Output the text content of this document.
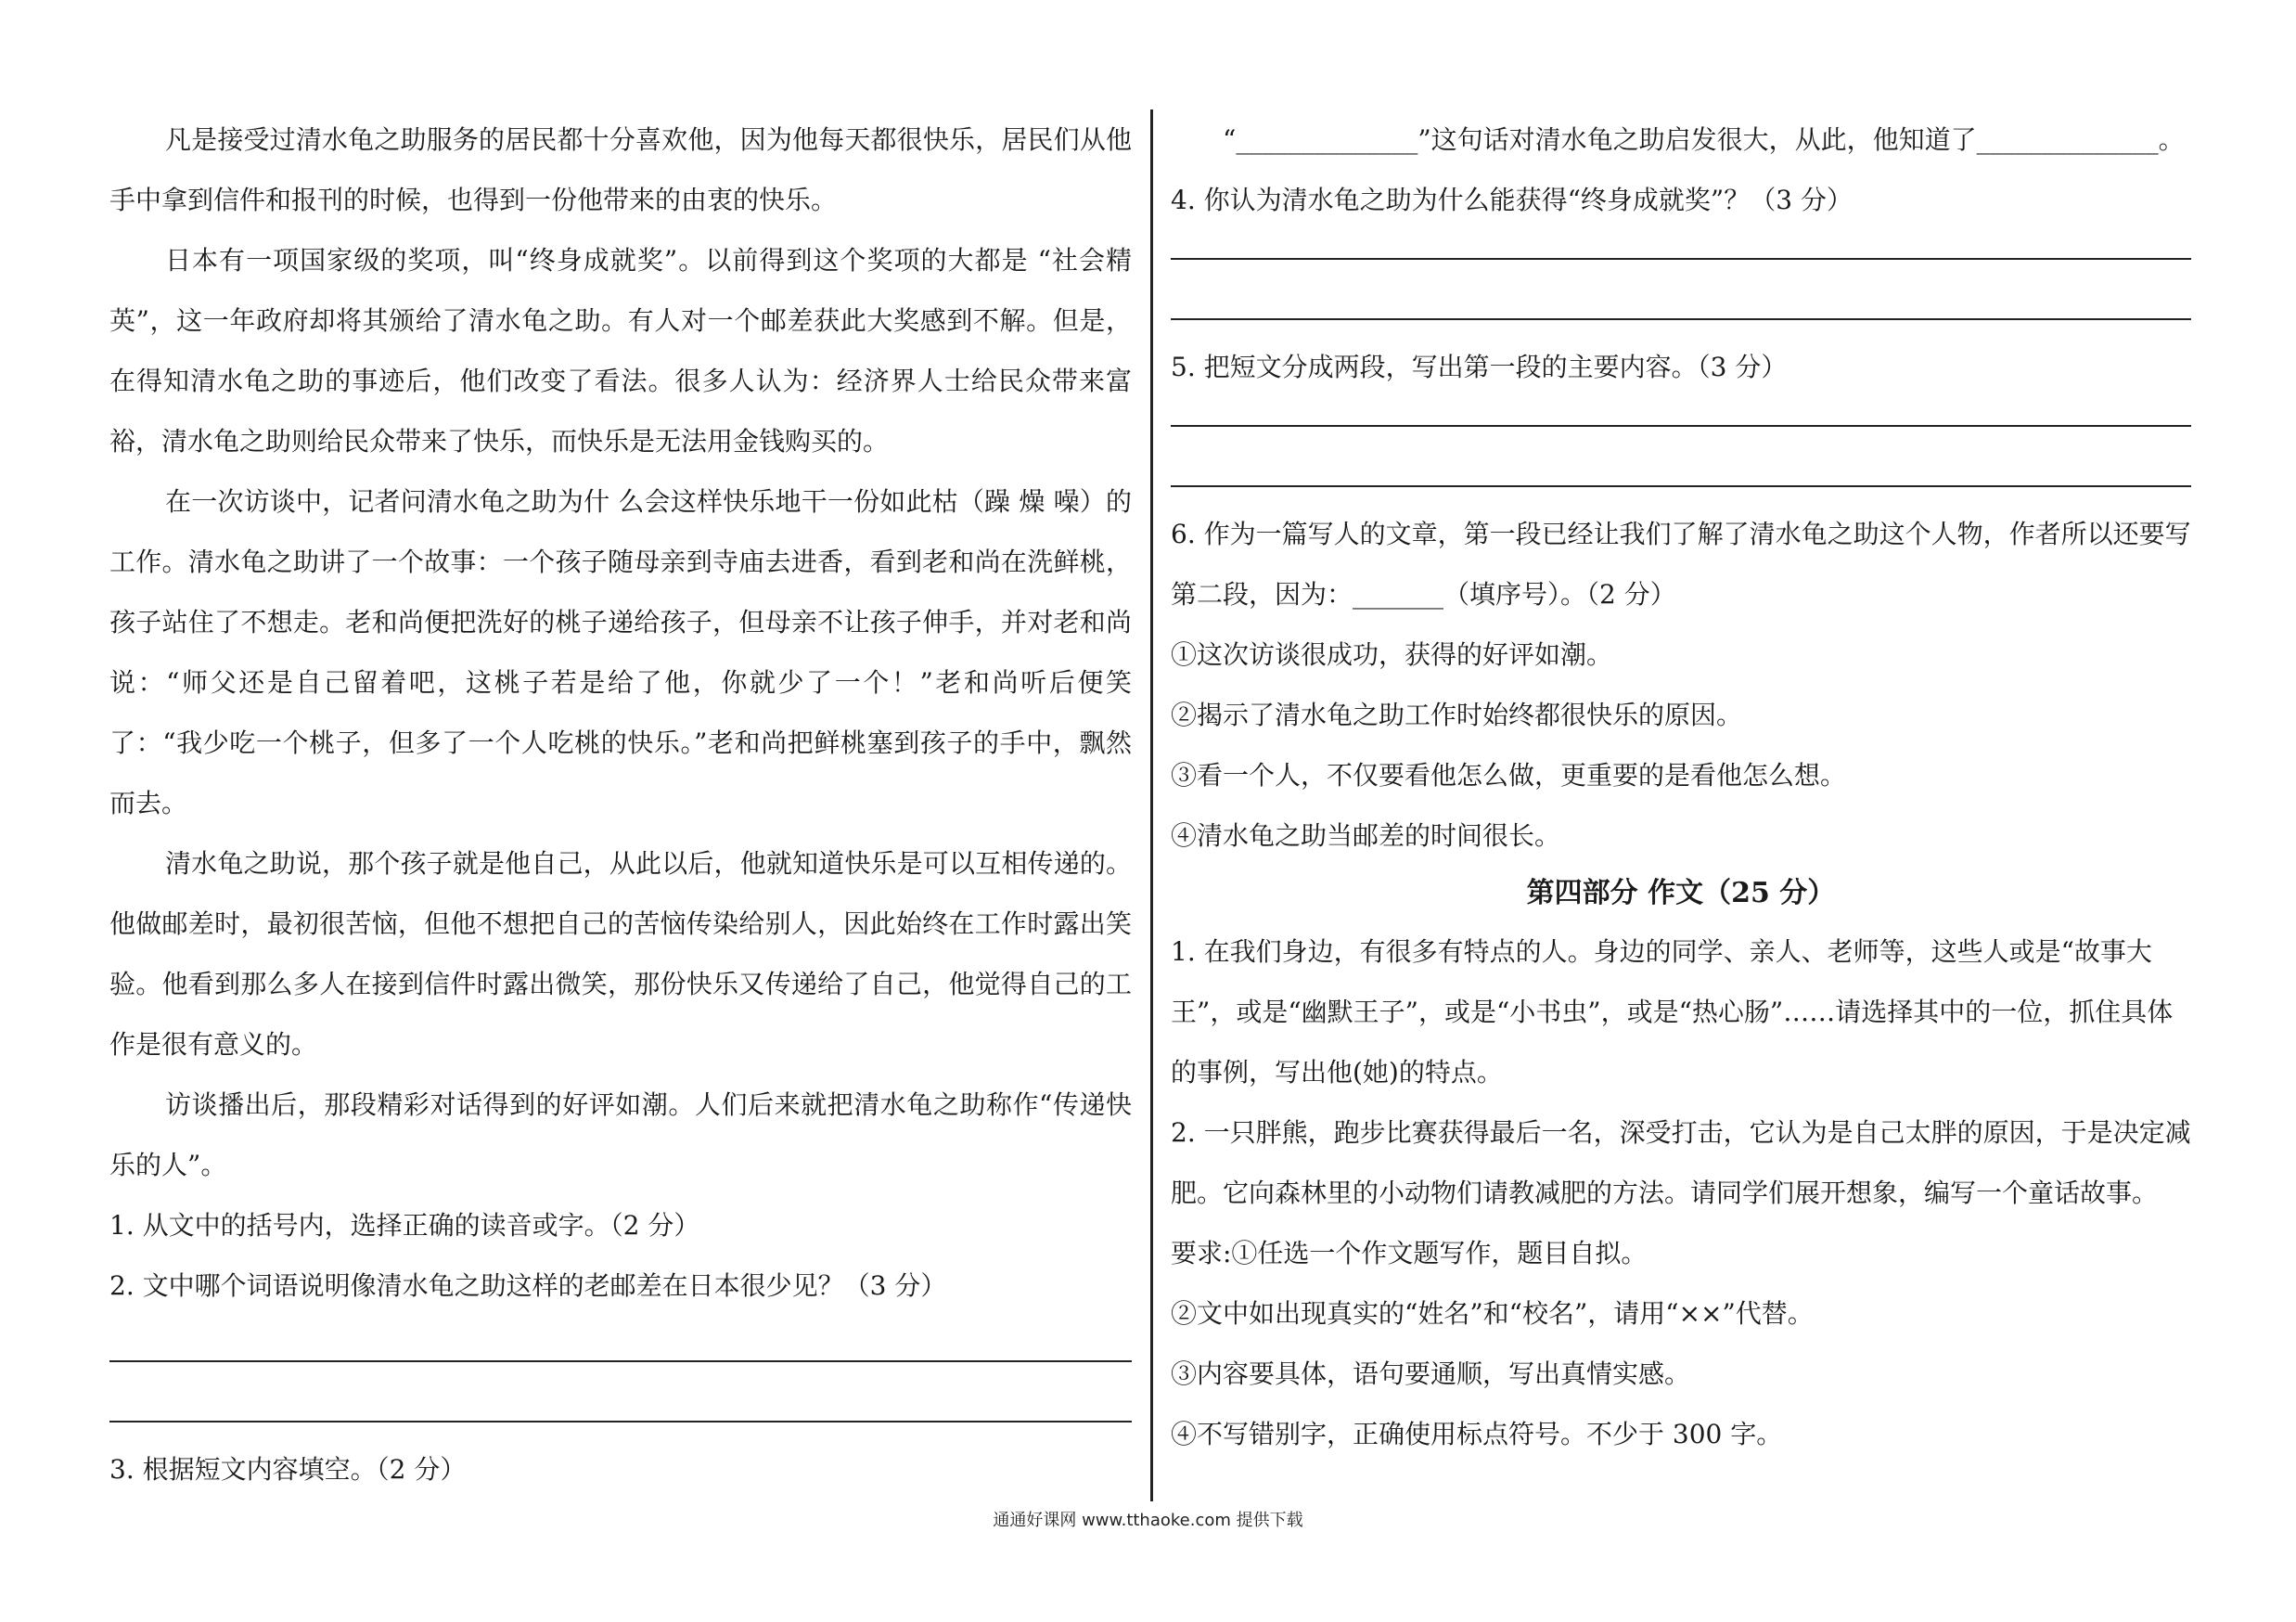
凡是接受过清水龟之助服务的居民都十分喜欢他，因为他每天都很快乐，居民们从他手中拿到信件和报刊的时候，也得到一份他带来的由衷的快乐。

日本有一项国家级的奖项，叫“终身成就奖”。以前得到这个奖项的大都是 “社会精英”，这一年政府却将其颁给了清水龟之助。有人对一个邮差获此大奖感到不解。但是，在得知清水龟之助的事迹后，他们改变了看法。很多人认为：经济界人士给民众带来富裕，清水龟之助则给民众带来了快乐，而快乐是无法用金钱购买的。

在一次访谈中，记者问清水龟之助为什 么会这样快乐地干一份如此枯（躁 燥 噪）的工作。清水龟之助讲了一个故事：一个孩子随母亲到寺庙去进香，看到老和尚在洗鲜桃，孩子站住了不想走。老和尚便把洗好的桃子递给孩子，但母亲不让孩子伸手，并对老和尚说：“师父还是自己留着吧，这桃子若是给了他，你就少了一个！”老和尚听后便笑了：“我少吃一个桃子，但多了一个人吃桃的快乐。”老和尚把鲜桃塞到孩子的手中，飘然而去。

清水龟之助说，那个孩子就是他自己，从此以后，他就知道快乐是可以互相传递的。他做邮差时，最初很苦恼，但他不想把自己的苦恼传染给别人，因此始终在工作时露出笑验。他看到那么多人在接到信件时露出微笑，那份快乐又传递给了自己，他觉得自己的工作是很有意义的。

访谈播出后，那段精彩对话得到的好评如潮。人们后来就把清水龟之助称作“传递快乐的人”。

1. 从文中的括号内，选择正确的读音或字。（2 分）

2. 文中哪个词语说明像清水龟之助这样的老邮差在日本很少见？（3 分）

3. 根据短文内容填空。（2 分）

“______________”这句话对清水龟之助启发很大，从此，他知道了______________。

4. 你认为清水龟之助为什么能获得“终身成就奖”？（3 分）

5. 把短文分成两段，写出第一段的主要内容。（3 分）

6. 作为一篇写人的文章，第一段已经让我们了解了清水龟之助这个人物，作者所以还要写第二段，因为：_______（填序号）。（2 分）

①这次访谈很成功，获得的好评如潮。

②揭示了清水龟之助工作时始终都很快乐的原因。

③看一个人，不仅要看他怎么做，更重要的是看他怎么想。

④清水龟之助当邮差的时间很长。

第四部分 作文（25 分）

1. 在我们身边，有很多有特点的人。身边的同学、亲人、老师等，这些人或是“故事大王”，或是“幽默王子”，或是“小书虫”，或是“热心肠”……请选择其中的一位，抓住具体的事例，写出他(她)的特点。

2. 一只胖熊，跑步比赛获得最后一名，深受打击，它认为是自己太胖的原因，于是决定减肥。它向森林里的小动物们请教减肥的方法。请同学们展开想象，编写一个童话故事。

要求:①任选一个作文题写作，题目自拟。

②文中如出现真实的“姓名”和“校名”，请用“××”代替。

③内容要具体，语句要通顺，写出真情实感。

④不写错别字，正确使用标点符号。不少于 300 字。

通通好课网 www.tthaoke.com 提供下载
